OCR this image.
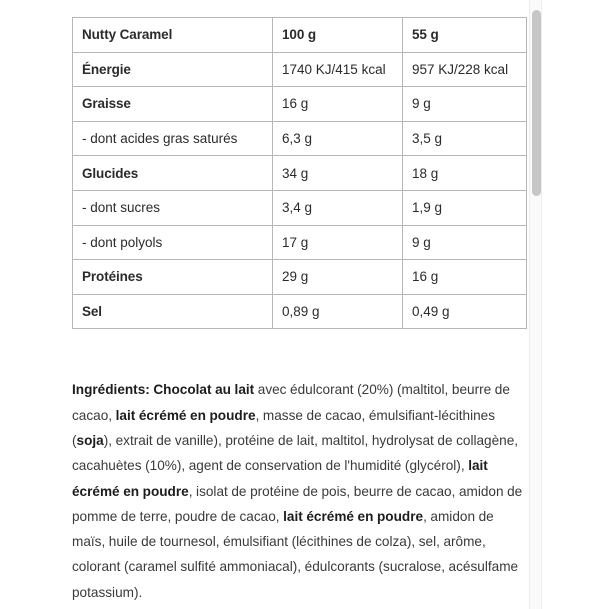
Nutty Caramel	100 g	55 g
Énergie	1740 KJ/415 kcal	957 KJ/228 kcal
Graisse	16 g	9 g
- dont acides gras saturés	6,3 g	3,5 g
Glucides	34 g	18 g
- dont sucres	3,4 g	1,9 g
- dont polyols	17 g	9 g
Protéines	29 g	16 g
Sel	0,89 g	0,49 g

Ingrédients: Chocolat au lait avec édulcorant (20%) (maltitol, beurre de cacao, lait écrémé en poudre, masse de cacao, émulsifiant-lécithines (soja), extrait de vanille), protéine de lait, maltitol, hydrolysat de collagène, cacahuètes (10%), agent de conservation de l'humidité (glycérol), lait écrémé en poudre, isolat de protéine de pois, beurre de cacao, amidon de pomme de terre, poudre de cacao, lait écrémé en poudre, amidon de maïs, huile de tournesol, émulsifiant (lécithines de colza), sel, arôme, colorant (caramel sulfité ammoniacal), édulcorants (sucralose, acésulfame potassium).
